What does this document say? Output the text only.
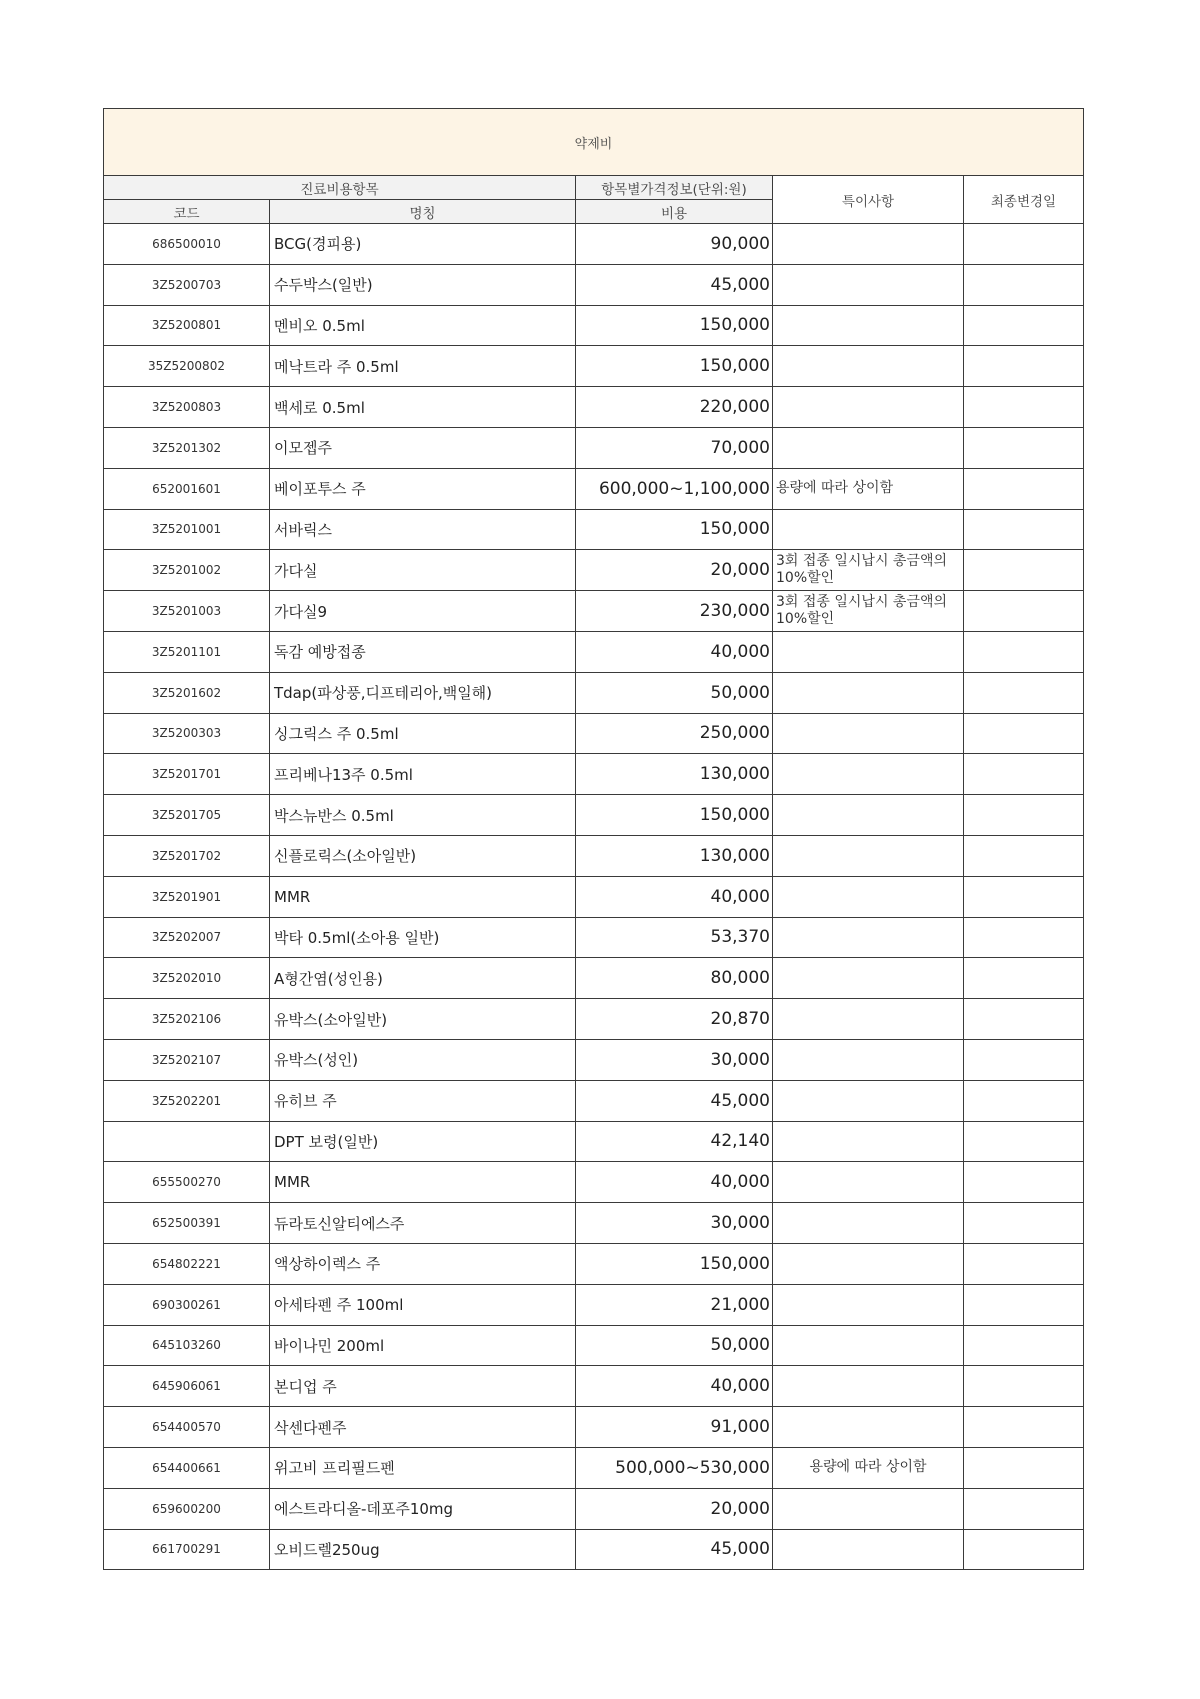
약제비				
진료비용항목		항목별가격정보(단위:원)	특이사항	최종변경일
코드	명칭	비용		
686500010	BCG(경피용)	90,000		
3Z5200703	수두박스(일반)	45,000		
3Z5200801	멘비오 0.5ml	150,000		
35Z5200802	메낙트라 주 0.5ml	150,000		
3Z5200803	백세로 0.5ml	220,000		
3Z5201302	이모젭주	70,000		
652001601	베이포투스 주	600,000~1,100,000	용량에 따라 상이함	
3Z5201001	서바릭스	150,000		
3Z5201002	가다실	20,000	3회 접종 일시납시 총금액의 10%할인	
3Z5201003	가다실9	230,000	3회 접종 일시납시 총금액의 10%할인	
3Z5201101	독감 예방접종	40,000		
3Z5201602	Tdap(파상풍,디프테리아,백일해)	50,000		
3Z5200303	싱그릭스 주 0.5ml	250,000		
3Z5201701	프리베나13주 0.5ml	130,000		
3Z5201705	박스뉴반스 0.5ml	150,000		
3Z5201702	신플로릭스(소아일반)	130,000		
3Z5201901	MMR	40,000		
3Z5202007	박타 0.5ml(소아용 일반)	53,370		
3Z5202010	A형간염(성인용)	80,000		
3Z5202106	유박스(소아일반)	20,870		
3Z5202107	유박스(성인)	30,000		
3Z5202201	유히브 주	45,000		
	DPT 보령(일반)	42,140		
655500270	MMR	40,000		
652500391	듀라토신알티에스주	30,000		
654802221	액상하이렉스 주	150,000		
690300261	아세타펜 주 100ml	21,000		
645103260	바이나민 200ml	50,000		
645906061	본디업 주	40,000		
654400570	삭센다펜주	91,000		
654400661	위고비 프리필드펜	500,000~530,000	용량에 따라 상이함	
659600200	에스트라디올-데포주10mg	20,000		
661700291	오비드렐250ug	45,000		
